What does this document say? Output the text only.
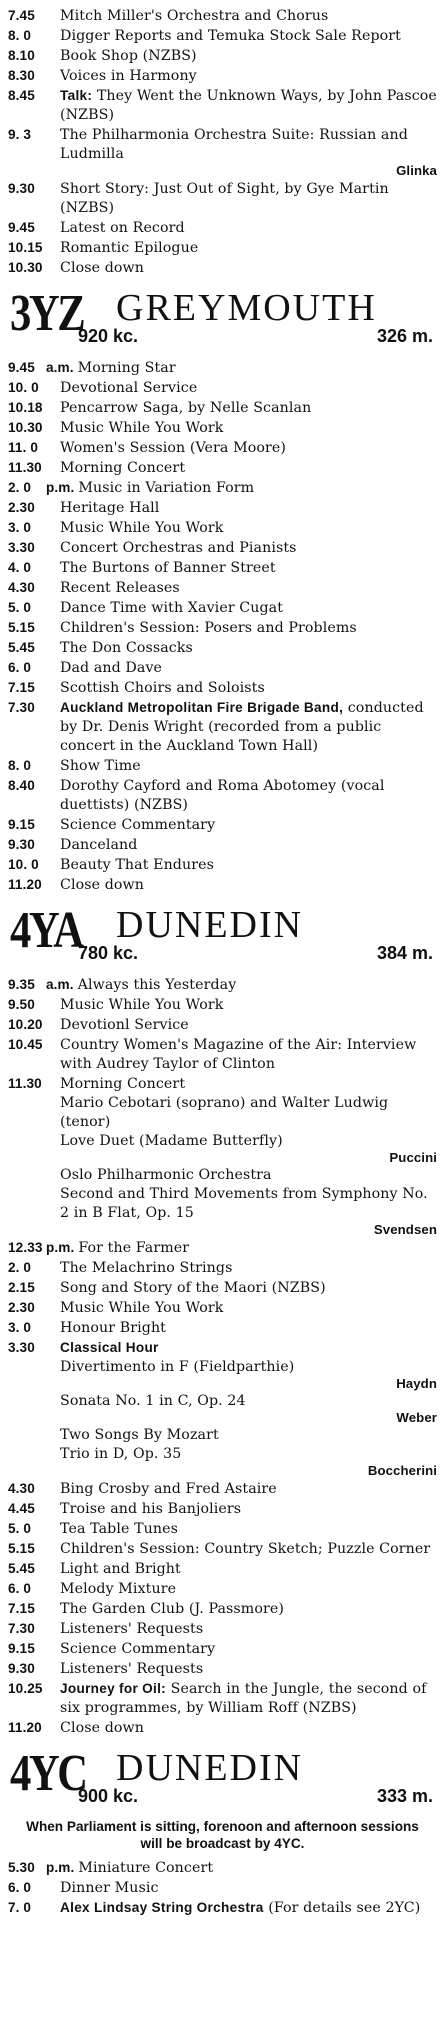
7.45 Mitch Miller's Orchestra and Chorus
8. 0 Digger Reports and Temuka Stock Sale Report
8.10 Book Shop (NZBS)
8.30 Voices in Harmony
8.45 Talk: They Went the Unknown Ways, by John Pascoe (NZBS)
9. 3 The Philharmonia Orchestra Suite: Russian and Ludmilla
Glinka
9.30 Short Story: Just Out of Sight, by Gye Martin (NZBS)
9.45 Latest on Record
10.15 Romantic Epilogue
10.30 Close down
3YZ GREYMOUTH
920 kc.	326 m.
9.45 a.m. Morning Star
10. 0 Devotional Service
10.18 Pencarrow Saga, by Nelle Scanlan
10.30 Music While You Work
11. 0 Women's Session (Vera Moore)
11.30 Morning Concert
2. 0 p.m. Music in Variation Form
2.30 Heritage Hall
3. 0 Music While You Work
3.30 Concert Orchestras and Pianists
4. 0 The Burtons of Banner Street
4.30 Recent Releases
5. 0 Dance Time with Xavier Cugat
5.15 Children's Session: Posers and Problems
5.45 The Don Cossacks
6. 0 Dad and Dave
7.15 Scottish Choirs and Soloists
7.30 Auckland Metropolitan Fire Brigade Band, conducted by Dr. Denis Wright (recorded from a public concert in the Auckland Town Hall)
8. 0 Show Time
8.40 Dorothy Cayford and Roma Abotomey (vocal duettists) (NZBS)
9.15 Science Commentary
9.30 Danceland
10. 0 Beauty That Endures
11.20 Close down
4YA DUNEDIN
780 kc.	384 m.
9.35 a.m. Always this Yesterday
9.50 Music While You Work
10.20 Devotionl Service
10.45 Country Women's Magazine of the Air: Interview with Audrey Taylor of Clinton
11.30 Morning Concert
Mario Cebotari (soprano) and Walter Ludwig (tenor)
Love Duet (Madame Butterfly)
Puccini
Oslo Philharmonic Orchestra
Second and Third Movements from Symphony No. 2 in B Flat, Op. 15
Svendsen
12.33 p.m. For the Farmer
2. 0 The Melachrino Strings
2.15 Song and Story of the Maori (NZBS)
2.30 Music While You Work
3. 0 Honour Bright
3.30 Classical Hour
Divertimento in F (Fieldparthie)
Haydn
Sonata No. 1 in C, Op. 24
Weber
Two Songs By Mozart
Trio in D, Op. 35
Boccherini
4.30 Bing Crosby and Fred Astaire
4.45 Troise and his Banjoliers
5. 0 Tea Table Tunes
5.15 Children's Session: Country Sketch; Puzzle Corner
5.45 Light and Bright
6. 0 Melody Mixture
7.15 The Garden Club (J. Passmore)
7.30 Listeners' Requests
9.15 Science Commentary
9.30 Listeners' Requests
10.25 Journey for Oil: Search in the Jungle, the second of six programmes, by William Roff (NZBS)
11.20 Close down
4YC DUNEDIN
900 kc.	333 m.
When Parliament is sitting, forenoon and afternoon sessions will be broadcast by 4YC.
5.30 p.m. Miniature Concert
6. 0 Dinner Music
7. 0 Alex Lindsay String Orchestra (For details see 2YC)
